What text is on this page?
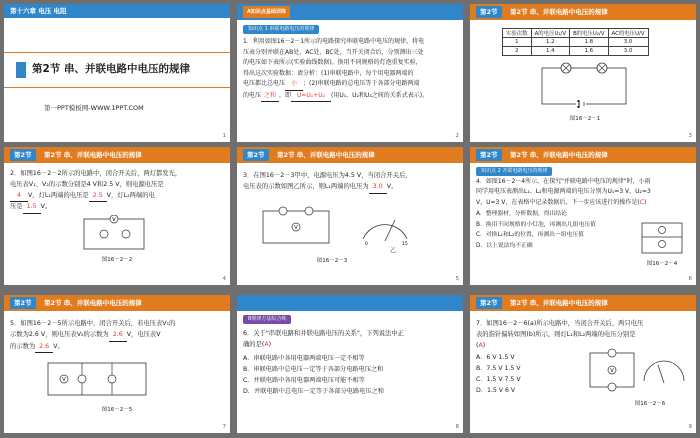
第十六章 电压 电阻
第2节 串、并联电路中电压的规律
第一PPT模板网-WWW.1PPT.COM
1
A知识点基础训练
知识点 1 串联电路电压的规律
1．利用如图16－2－1所示的电路探究串联电路中电压的规律，将电
压表分别并联在AB处、AC处、BC处，当开关闭合后，分别测出三处
的电压如下表所示(实验曲线数据)。换用不同规格的灯泡重复实验，
得出这次实验数据：请分析：(1)串联电路中，每个用电器两端的
电压都比总电压 小 ；(2)串联电路的总电压等于各部分电路两端
的电压 之和 ，即 U=U₁+U₂ (用U₁、U₂和U₃之间的关系式表示)。
2
第2节	第2节 串、并联电路中电压的规律
实验次数	A的电压U₁/V	B的电压U₂/V	AC的电压U/V
1	1.2	1.8	3.0
2	1.4	1.6	3.0
图16－2－1
3
第2节	第2节 串、并联电路中电压的规律
2．如图16－2－2所示的电路中，闭合开关后，两灯都发光，
电压表V₁、V₂的示数分别是4 V和2.5 V，则电源电压是
4 V，灯L₁两端的电压是 2.5 V，灯L₂两端的电
压是 1.5 V。
V
图16－2－2
4
第2节	第2节 串、并联电路中电压的规律
3．在图16－2－3甲中，电源电压为4.5 V，当闭合开关后，
电压表的示数如图乙所示，则L₁两端的电压为 3.0 V。
V
0	15
乙
图16－2－3
5
第2节	第2节 串、并联电路中电压的规律
知识点 2 并联电路电压的规律
4．如图16－2－4所示，在探究"并联电路中电压的规律"时，小雨
同学用电压表测出L₁、L₂和电源两端的电压分别为U₁=3 V，U₂=3
V，U=3 V，在表格中记录数据后，下一步应该进行的操作是(C)
A．整理器材，分析数据，得出结论
B．换用不同规格的小灯泡，再测出几组电压值
C．对换L₁和L₂的位置，再测出一组电压值
D．以上说法均不正确
图16－2－4
6
第2节	第2节 串、并联电路中电压的规律
5．如图16－2－5所示电路中，闭合开关后，若电压表V₁的
示数为2.6 V，则电压表V₂的示数为 2.6 V，电压表V
的示数为 2.6 V。
V
图16－2－5
7
B规律方法综合练
6．关于"串联电路和并联电路电压的关系"，下列说法中正
确的是(A)
A．串联电路中各用电器两端电压一定不相等
B．串联电路中总电压一定等于各部分电路电压之和
C．并联电路中各用电器两端电压可能不相等
D．并联电路中总电压一定等于各部分电路电压之和
8
第2节	第2节 串、并联电路中电压的规律
7．如图16－2－6(a)所示电路中，当闭合开关后，两只电压
表的指针偏转如图(b)所示，则灯L₁和L₂两端的电压分别是
(A)
A．6 V 1.5 V
B．7.5 V 1.5 V
C．1.5 V 7.5 V
D．1.5 V 6 V
V
图16－2－6
9
